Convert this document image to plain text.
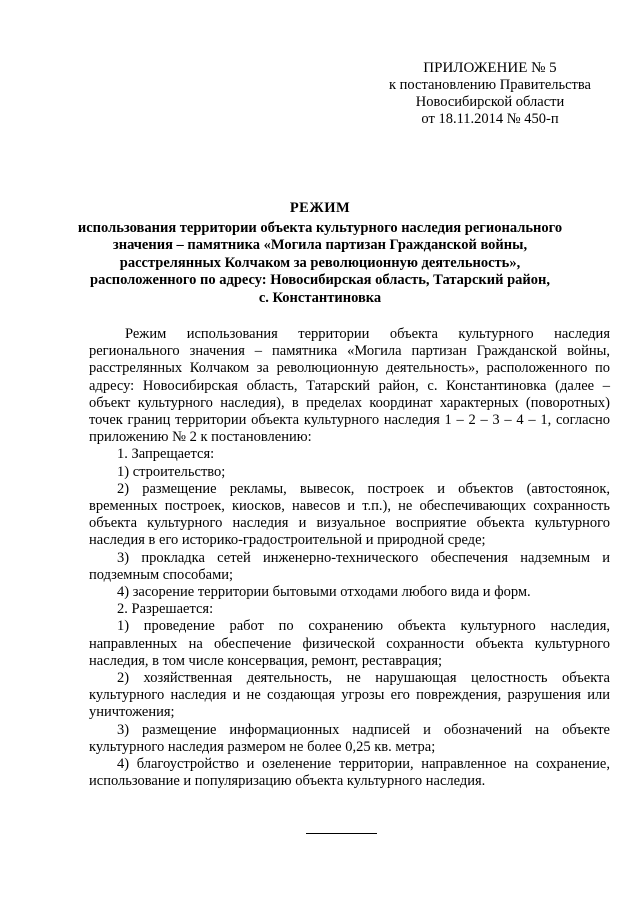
ПРИЛОЖЕНИЕ № 5
к постановлению Правительства
Новосибирской области
от 18.11.2014 № 450-п
РЕЖИМ
использования территории объекта культурного наследия регионального
значения – памятника «Могила партизан Гражданской войны,
расстрелянных Колчаком за революционную деятельность»,
расположенного по адресу: Новосибирская область, Татарский район,
с. Константиновка

Режим использования территории объекта культурного наследия регионального значения – памятника «Могила партизан Гражданской войны, расстрелянных Колчаком за революционную деятельность», расположенного по адресу: Новосибирская область, Татарский район, с. Константиновка (далее – объект культурного наследия), в пределах координат характерных (поворотных) точек границ территории объекта культурного наследия 1 – 2 – 3 – 4 – 1, согласно приложению № 2 к постановлению:

1. Запрещается:

1) строительство;

2) размещение рекламы, вывесок, построек и объектов (автостоянок, временных построек, киосков, навесов и т.п.), не обеспечивающих сохранность объекта культурного наследия и визуальное восприятие объекта культурного наследия в его историко-градостроительной и природной среде;

3) прокладка сетей инженерно-технического обеспечения надземным и подземным способами;

4) засорение территории бытовыми отходами любого вида и форм.

2. Разрешается:

1) проведение работ по сохранению объекта культурного наследия, направленных на обеспечение физической сохранности объекта культурного наследия, в том числе консервация, ремонт, реставрация;

2) хозяйственная деятельность, не нарушающая целостность объекта культурного наследия и не создающая угрозы его повреждения, разрушения или уничтожения;

3) размещение информационных надписей и обозначений на объекте культурного наследия размером не более 0,25 кв. метра;

4) благоустройство и озеленение территории, направленное на сохранение, использование и популяризацию объекта культурного наследия.
